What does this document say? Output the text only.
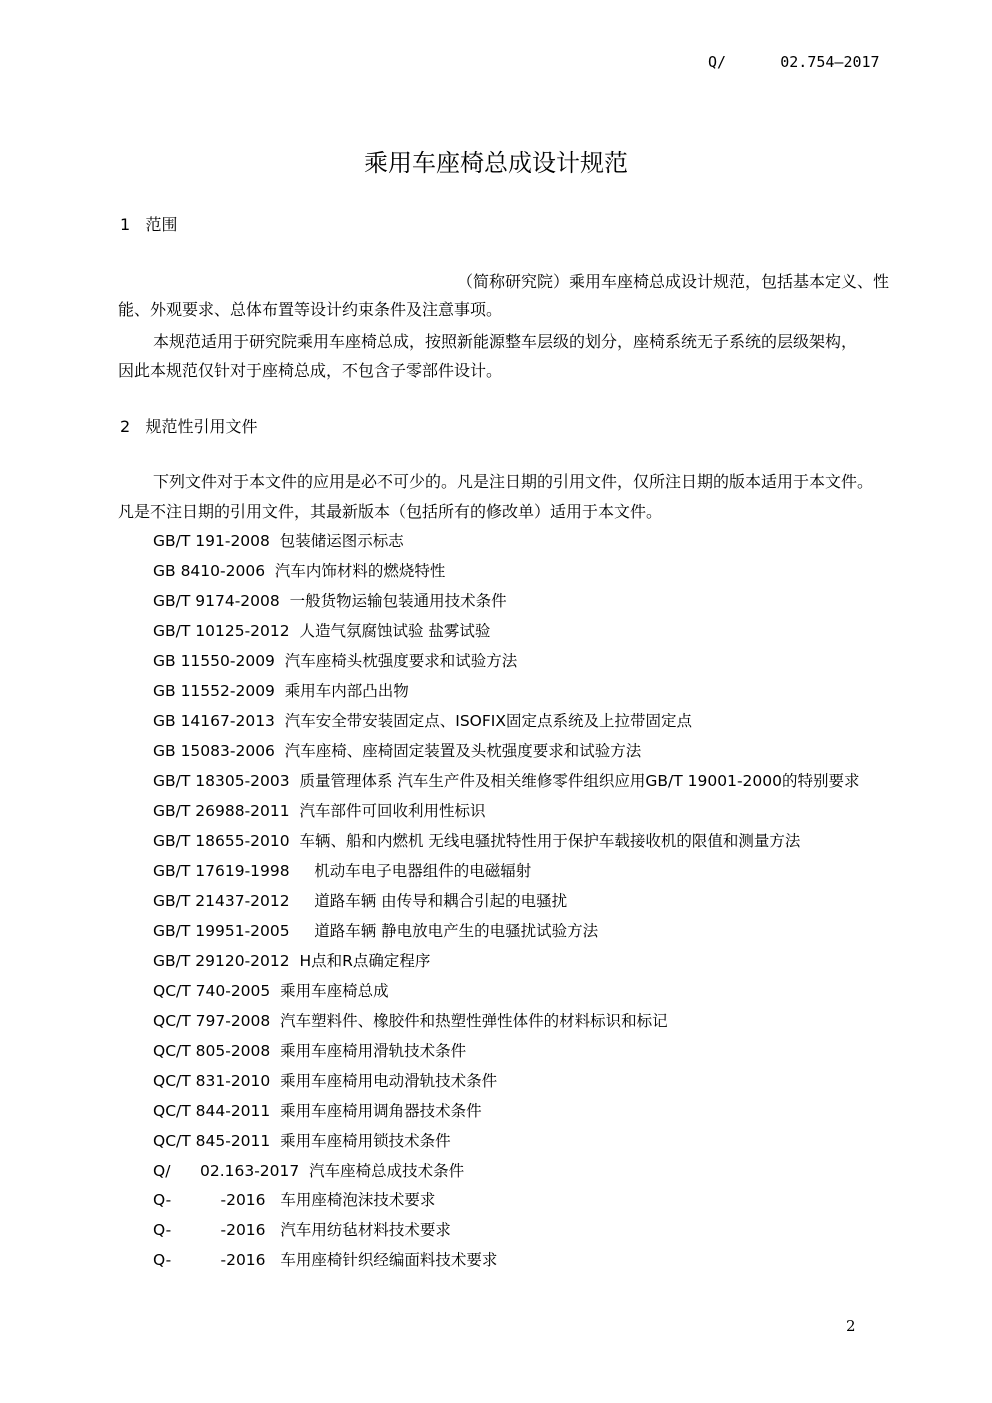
Q/      02.754—2017
乘用车座椅总成设计规范
1   范围
（简称研究院）乘用车座椅总成设计规范，包括基本定义、性
能、外观要求、总体布置等设计约束条件及注意事项。
本规范适用于研究院乘用车座椅总成，按照新能源整车层级的划分，座椅系统无子系统的层级架构，
因此本规范仅针对于座椅总成，不包含子零部件设计。
2   规范性引用文件
下列文件对于本文件的应用是必不可少的。凡是注日期的引用文件，仅所注日期的版本适用于本文件。
凡是不注日期的引用文件，其最新版本（包括所有的修改单）适用于本文件。
GB/T 191-2008  包装储运图示标志
GB 8410-2006  汽车内饰材料的燃烧特性
GB/T 9174-2008  一般货物运输包装通用技术条件
GB/T 10125-2012  人造气氛腐蚀试验 盐雾试验
GB 11550-2009  汽车座椅头枕强度要求和试验方法
GB 11552-2009  乘用车内部凸出物
GB 14167-2013  汽车安全带安装固定点、ISOFIX固定点系统及上拉带固定点
GB 15083-2006  汽车座椅、座椅固定装置及头枕强度要求和试验方法
GB/T 18305-2003  质量管理体系 汽车生产件及相关维修零件组织应用GB/T 19001-2000的特别要求
GB/T 26988-2011  汽车部件可回收利用性标识
GB/T 18655-2010  车辆、船和内燃机 无线电骚扰特性用于保护车载接收机的限值和测量方法
GB/T 17619-1998     机动车电子电器组件的电磁辐射
GB/T 21437-2012     道路车辆 由传导和耦合引起的电骚扰
GB/T 19951-2005     道路车辆 静电放电产生的电骚扰试验方法
GB/T 29120-2012  H点和R点确定程序
QC/T 740-2005  乘用车座椅总成
QC/T 797-2008  汽车塑料件、橡胶件和热塑性弹性体件的材料标识和标记
QC/T 805-2008  乘用车座椅用滑轨技术条件
QC/T 831-2010  乘用车座椅用电动滑轨技术条件
QC/T 844-2011  乘用车座椅用调角器技术条件
QC/T 845-2011  乘用车座椅用锁技术条件
Q/      02.163-2017  汽车座椅总成技术条件
Q-          -2016   车用座椅泡沫技术要求
Q-          -2016   汽车用纺毡材料技术要求
Q-          -2016   车用座椅针织经编面料技术要求
2
